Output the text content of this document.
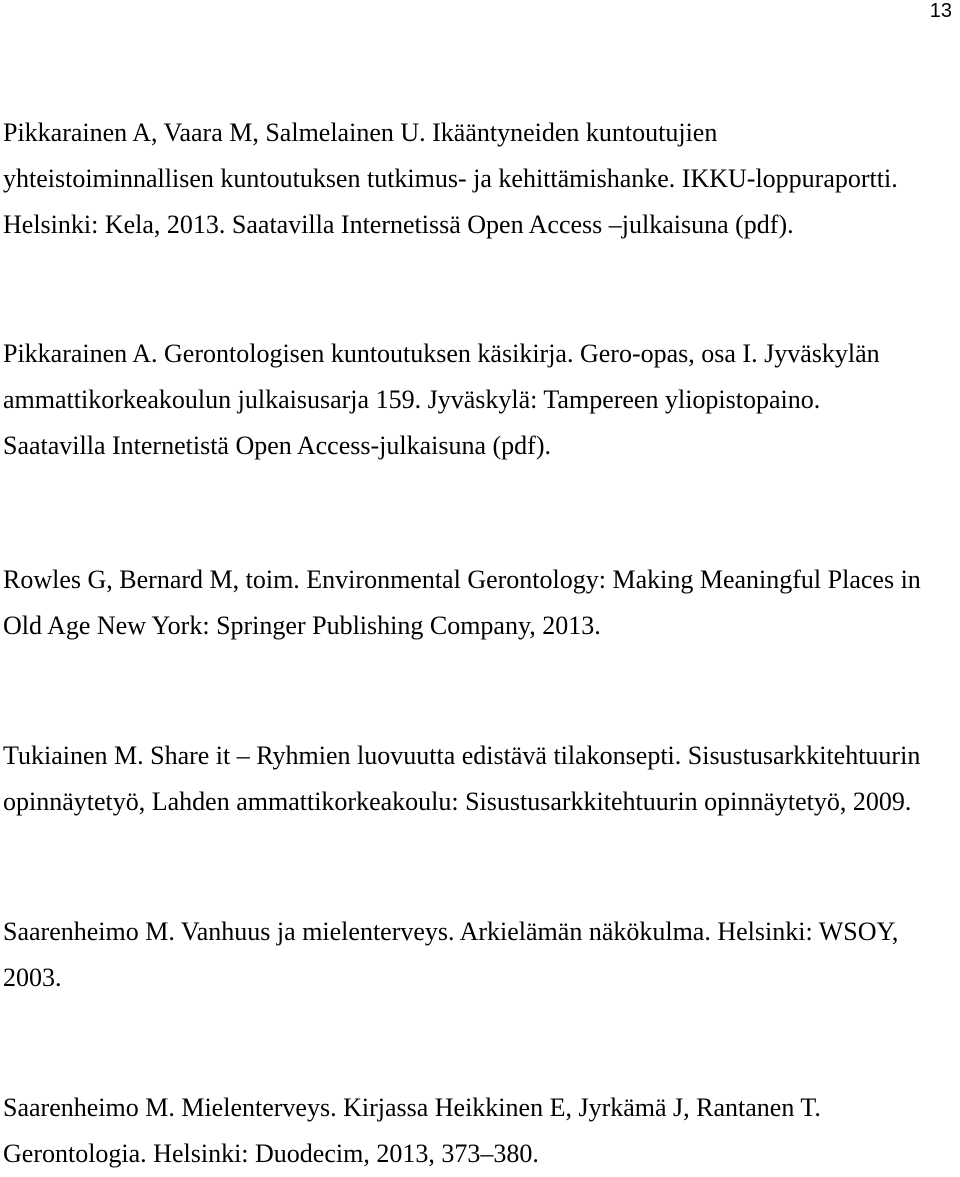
13

Pikkarainen A, Vaara M, Salmelainen U. Ikääntyneiden kuntoutujien
yhteistoiminnallisen kuntoutuksen tutkimus- ja kehittämishanke. IKKU-loppuraportti.
Helsinki: Kela, 2013. Saatavilla Internetissä Open Access –julkaisuna (pdf).

Pikkarainen A. Gerontologisen kuntoutuksen käsikirja. Gero-opas, osa I. Jyväskylän
ammattikorkeakoulun julkaisusarja 159. Jyväskylä: Tampereen yliopistopaino.
Saatavilla Internetistä Open Access-julkaisuna (pdf).

Rowles G, Bernard M, toim. Environmental Gerontology: Making Meaningful Places in
Old Age New York: Springer Publishing Company, 2013.

Tukiainen M. Share it – Ryhmien luovuutta edistävä tilakonsepti. Sisustusarkkitehtuurin
opinnäytetyö, Lahden ammattikorkeakoulu: Sisustusarkkitehtuurin opinnäytetyö, 2009.

Saarenheimo M. Vanhuus ja mielenterveys. Arkielämän näkökulma. Helsinki: WSOY,
2003.

Saarenheimo M. Mielenterveys. Kirjassa Heikkinen E, Jyrkämä J, Rantanen T.
Gerontologia. Helsinki: Duodecim, 2013, 373–380.
